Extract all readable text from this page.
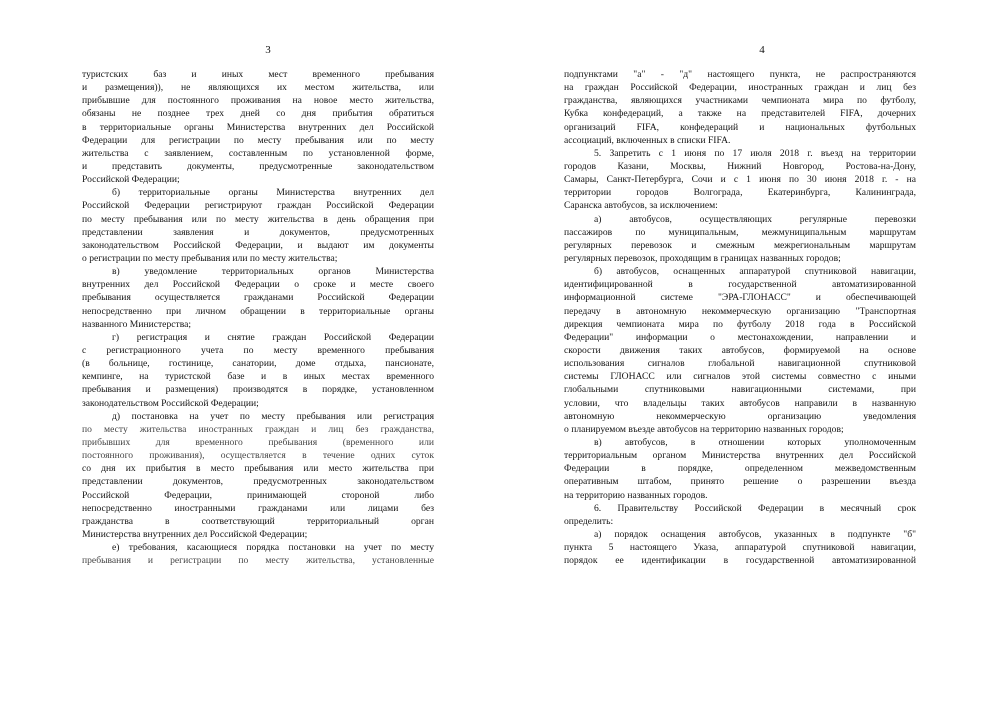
3
туристских баз и иных мест временного пребывания
и размещения)), не являющихся их местом жительства, или
прибывшие для постоянного проживания на новое место жительства,
обязаны не позднее трех дней со дня прибытия обратиться
в территориальные органы Министерства внутренних дел Российской
Федерации для регистрации по месту пребывания или по месту
жительства с заявлением, составленным по установленной форме,
и представить документы, предусмотренные законодательством
Российской Федерации;
б) территориальные органы Министерства внутренних дел
Российской Федерации регистрируют граждан Российской Федерации
по месту пребывания или по месту жительства в день обращения при
представлении заявления и документов, предусмотренных
законодательством Российской Федерации, и выдают им документы
о регистрации по месту пребывания или по месту жительства;
в) уведомление территориальных органов Министерства
внутренних дел Российской Федерации о сроке и месте своего
пребывания осуществляется гражданами Российской Федерации
непосредственно при личном обращении в территориальные органы
названного Министерства;
г) регистрация и снятие граждан Российской Федерации
с регистрационного учета по месту временного пребывания
(в больнице, гостинице, санатории, доме отдыха, пансионате,
кемпинге, на туристской базе и в иных местах временного
пребывания и размещения) производятся в порядке, установленном
законодательством Российской Федерации;
д) постановка на учет по месту пребывания или регистрация
по месту жительства иностранных граждан и лиц без гражданства,
прибывших для временного пребывания (временного или
постоянного проживания), осуществляется в течение одних суток
со дня их прибытия в место пребывания или место жительства при
представлении документов, предусмотренных законодательством
Российской Федерации, принимающей стороной либо
непосредственно иностранными гражданами или лицами без
гражданства в соответствующий территориальный орган
Министерства внутренних дел Российской Федерации;
е) требования, касающиеся порядка постановки на учет по месту
пребывания и регистрации по месту жительства, установленные
4
подпунктами "а" - "д" настоящего пункта, не распространяются
на граждан Российской Федерации, иностранных граждан и лиц без
гражданства, являющихся участниками чемпионата мира по футболу,
Кубка конфедераций, а также на представителей FIFA, дочерних
организаций FIFA, конфедераций и национальных футбольных
ассоциаций, включенных в списки FIFA.
5. Запретить с 1 июня по 17 июля 2018 г. въезд на территории
городов Казани, Москвы, Нижний Новгород, Ростова-на-Дону,
Самары, Санкт-Петербурга, Сочи и с 1 июня по 30 июня 2018 г. - на
территории городов Волгограда, Екатеринбурга, Калининграда,
Саранска автобусов, за исключением:
а) автобусов, осуществляющих регулярные перевозки
пассажиров по муниципальным, межмуниципальным маршрутам
регулярных перевозок и смежным межрегиональным маршрутам
регулярных перевозок, проходящим в границах названных городов;
б) автобусов, оснащенных аппаратурой спутниковой навигации,
идентифицированной в государственной автоматизированной
информационной системе "ЭРА-ГЛОНАСС" и обеспечивающей
передачу в автономную некоммерческую организацию "Транспортная
дирекция чемпионата мира по футболу 2018 года в Российской
Федерации" информации о местонахождении, направлении и
скорости движения таких автобусов, формируемой на основе
использования сигналов глобальной навигационной спутниковой
системы ГЛОНАСС или сигналов этой системы совместно с иными
глобальными спутниковыми навигационными системами, при
условии, что владельцы таких автобусов направили в названную
автономную некоммерческую организацию уведомления
о планируемом въезде автобусов на территорию названных городов;
в) автобусов, в отношении которых уполномоченным
территориальным органом Министерства внутренних дел Российской
Федерации в порядке, определенном межведомственным
оперативным штабом, принято решение о разрешении въезда
на территорию названных городов.
6. Правительству Российской Федерации в месячный срок
определить:
а) порядок оснащения автобусов, указанных в подпункте "б"
пункта 5 настоящего Указа, аппаратурой спутниковой навигации,
порядок ее идентификации в государственной автоматизированной
